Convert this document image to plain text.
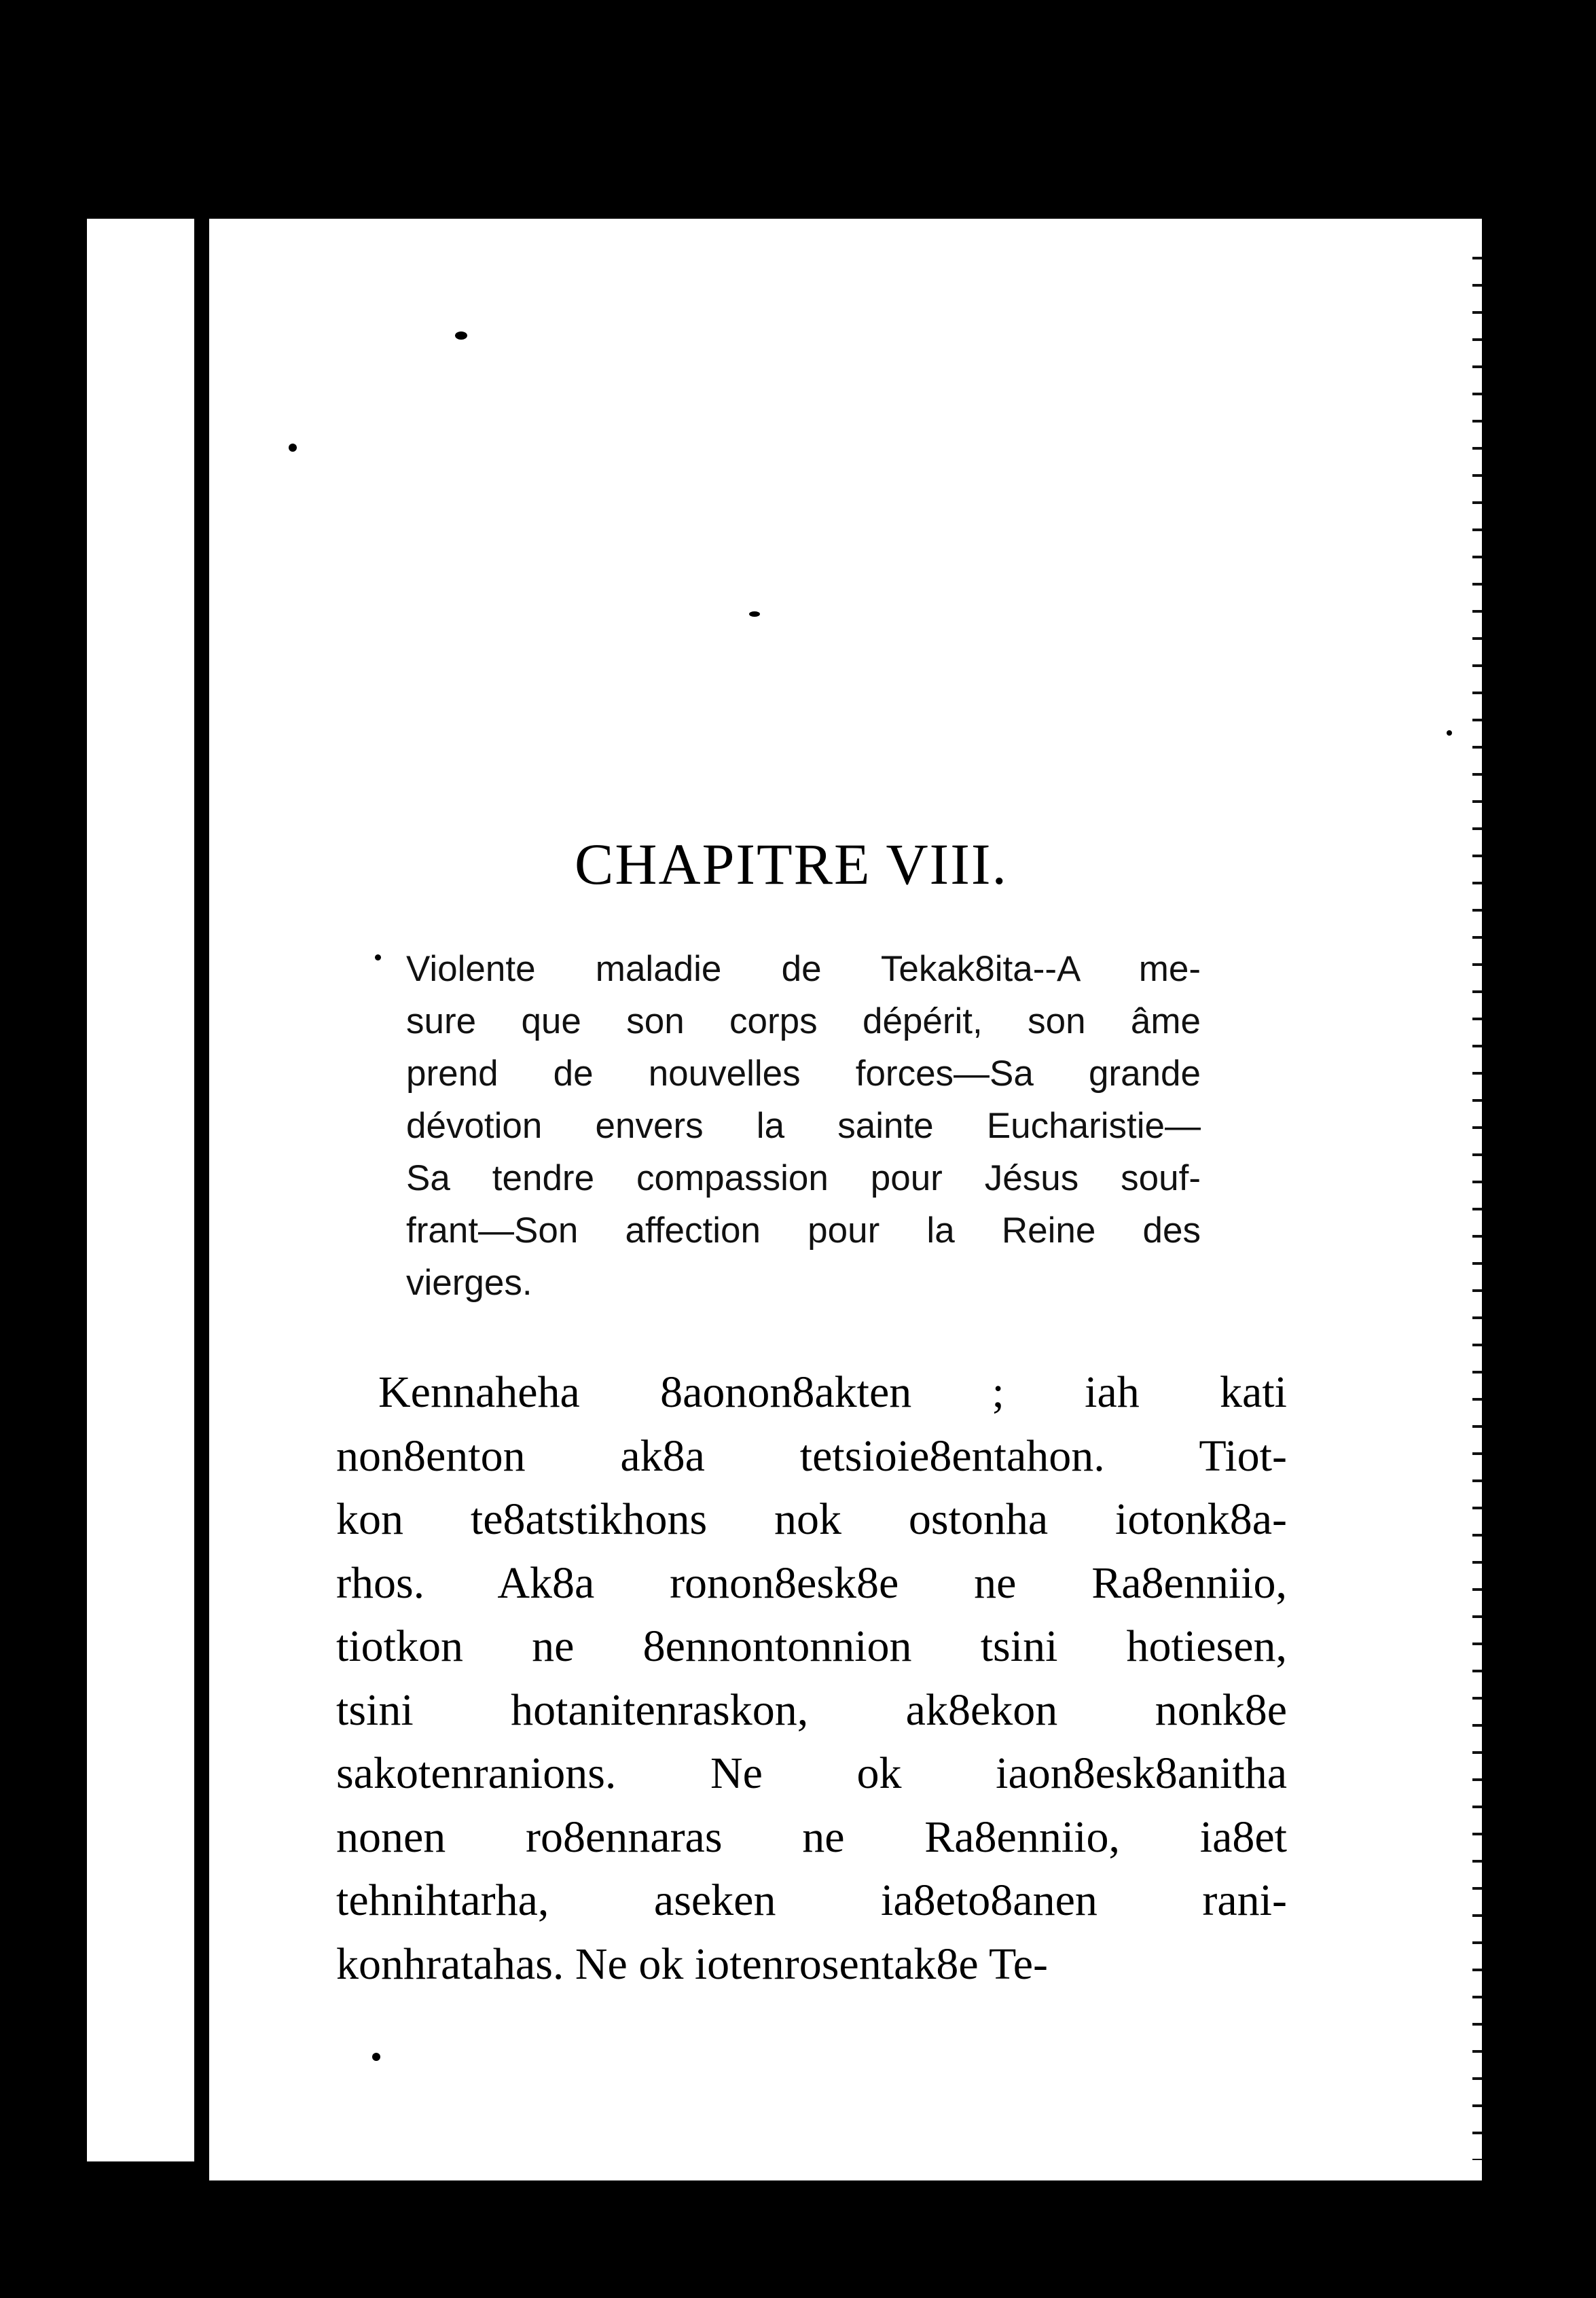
CHAPITRE VIII.
Violente maladie de Tekak8ita--A me-
sure que son corps dépérit, son âme
prend de nouvelles forces—Sa grande
dévotion envers la sainte Eucharistie—
Sa tendre compassion pour Jésus souf-
frant—Son affection pour la Reine des
vierges.
Kennaheha 8aonon8akten ; iah kati
non8enton ak8a tetsioie8entahon. Tiot-
kon te8atstikhons nok ostonha iotonk8a-
rhos. Ak8a ronon8esk8e ne Ra8enniio,
tiotkon ne 8ennontonnion tsini hotiesen,
tsini hotanitenraskon, ak8ekon nonk8e
sakotenranions. Ne ok iaon8esk8anitha
nonen ro8ennaras ne Ra8enniio, ia8et
tehnihtarha, aseken ia8eto8anen rani-
konhratahas. Ne ok iotenrosentak8e Te-
